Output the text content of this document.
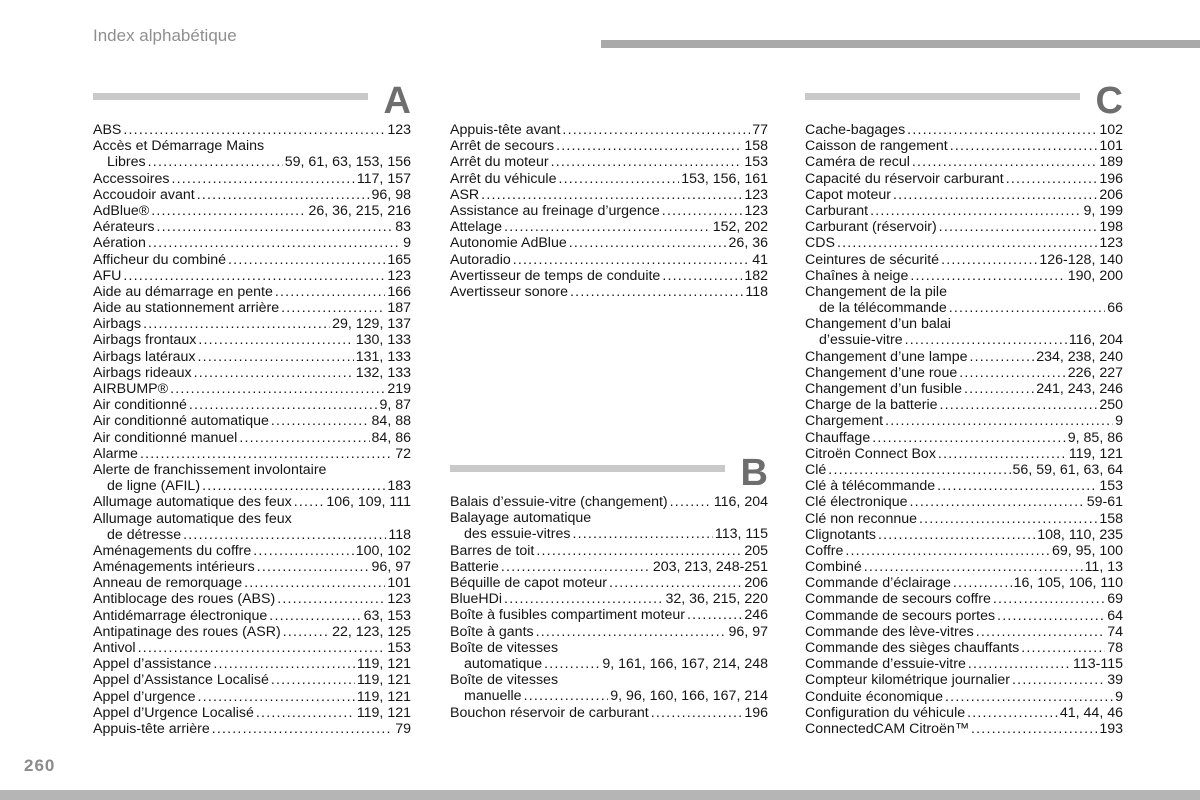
Index alphabétique
A
ABS .....	123
Accès et Démarrage Mains
Libres .....	59, 61, 63, 153, 156
Accessoires .....	117, 157
Accoudoir avant .....	96, 98
AdBlue® .....	26, 36, 215, 216
Aérateurs .....	83
Aération .....	9
Afficheur du combiné .....	165
AFU .....	123
Aide au démarrage en pente .....	166
Aide au stationnement arrière .....	187
Airbags .....	29, 129, 137
Airbags frontaux .....	130, 133
Airbags latéraux .....	131, 133
Airbags rideaux .....	132, 133
AIRBUMP® .....	219
Air conditionné .....	9, 87
Air conditionné automatique .....	84, 88
Air conditionné manuel .....	84, 86
Alarme .....	72
Alerte de franchissement involontaire
de ligne (AFIL) .....	183
Allumage automatique des feux ..... 106, 109, 111
Allumage automatique des feux
de détresse .....	118
Aménagements du coffre .....	100, 102
Aménagements intérieurs .....	96, 97
Anneau de remorquage .....	101
Antiblocage des roues (ABS) .....	123
Antidémarrage électronique .....	63, 153
Antipatinage des roues (ASR) .....	22, 123, 125
Antivol .....	153
Appel d’assistance .....	119, 121
Appel d’Assistance Localisé .....	119, 121
Appel d’urgence .....	119, 121
Appel d’Urgence Localisé .....	119, 121
Appuis-tête arrière .....	79
Appuis-tête avant .....	77
Arrêt de secours .....	158
Arrêt du moteur .....	153
Arrêt du véhicule .....	153, 156, 161
ASR .....	123
Assistance au freinage d’urgence .....	123
Attelage .....	152, 202
Autonomie AdBlue .....	26, 36
Autoradio .....	41
Avertisseur de temps de conduite .....	182
Avertisseur sonore .....	118
B
Balais d’essuie-vitre (changement) .....	116, 204
Balayage automatique
des essuie-vitres .....	113, 115
Barres de toit .....	205
Batterie .....	203, 213, 248-251
Béquille de capot moteur .....	206
BlueHDi .....	32, 36, 215, 220
Boîte à fusibles compartiment moteur .....	246
Boîte à gants .....	96, 97
Boîte de vitesses
automatique .....	9, 161, 166, 167, 214, 248
Boîte de vitesses
manuelle .....	9, 96, 160, 166, 167, 214
Bouchon réservoir de carburant .....	196
C
Cache-bagages .....	102
Caisson de rangement .....	101
Caméra de recul .....	189
Capacité du réservoir carburant .....	196
Capot moteur .....	206
Carburant .....	9, 199
Carburant (réservoir) .....	198
CDS .....	123
Ceintures de sécurité .....	126-128, 140
Chaînes à neige .....	190, 200
Changement de la pile
de la télécommande .....	66
Changement d’un balai
d’essuie-vitre .....	116, 204
Changement d’une lampe .....	234, 238, 240
Changement d’une roue .....	226, 227
Changement d’un fusible .....	241, 243, 246
Charge de la batterie .....	250
Chargement .....	9
Chauffage .....	9, 85, 86
Citroën Connect Box .....	119, 121
Clé .....	56, 59, 61, 63, 64
Clé à télécommande .....	153
Clé électronique .....	59-61
Clé non reconnue .....	158
Clignotants .....	108, 110, 235
Coffre .....	69, 95, 100
Combiné .....	11, 13
Commande d’éclairage .....	16, 105, 106, 110
Commande de secours coffre .....	69
Commande de secours portes .....	64
Commande des lève-vitres .....	74
Commande des sièges chauffants .....	78
Commande d’essuie-vitre .....	113-115
Compteur kilométrique journalier .....	39
Conduite économique .....	9
Configuration du véhicule .....	41, 44, 46
ConnectedCAM Citroën™ .....	193
260
